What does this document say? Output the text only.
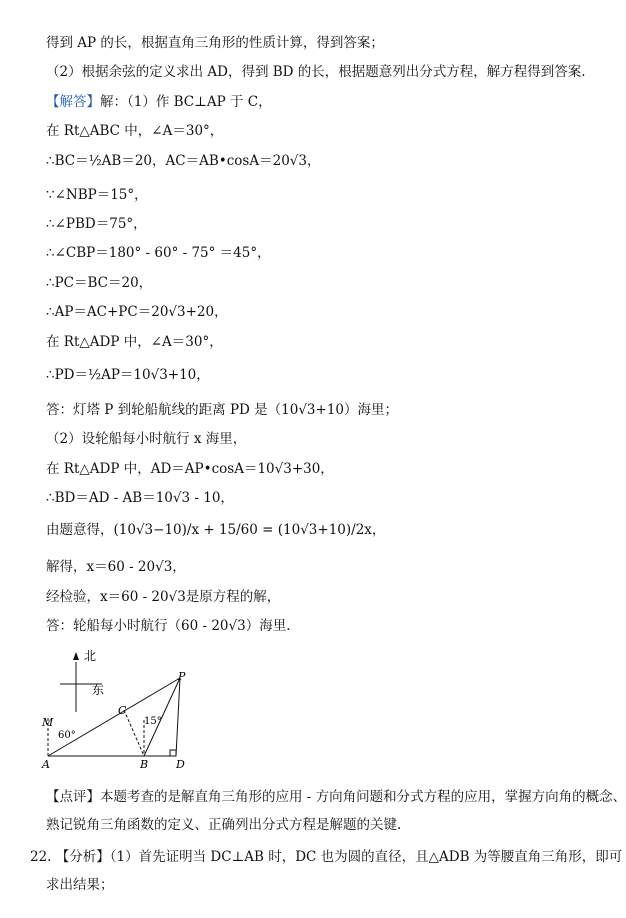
得到 AP 的长，根据直角三角形的性质计算，得到答案；
（2）根据余弦的定义求出 AD，得到 BD 的长，根据题意列出分式方程，解方程得到答案.
【解答】解：（1）作 BC⊥AP 于 C，
在 Rt△ABC 中，∠A＝30°，
∴BC＝½AB＝20，AC＝AB•cosA＝20√3，
∵∠NBP＝15°，
∴∠PBD＝75°，
∴∠CBP＝180° - 60° - 75° ＝45°，
∴PC＝BC＝20，
∴AP＝AC+PC＝20√3+20，
在 Rt△ADP 中，∠A＝30°，
∴PD＝½AP＝10√3+10，
答：灯塔 P 到轮船航线的距离 PD 是（10√3+10）海里；
（2）设轮船每小时航行 x 海里，
在 Rt△ADP 中，AD＝AP•cosA＝10√3+30，
∴BD＝AD - AB＝10√3 - 10，
由题意得，(10√3−10)/x + 15/60 = (10√3+10)/2x，
解得，x＝60 - 20√3，
经检验，x＝60 - 20√3是原方程的解，
答：轮船每小时航行（60 - 20√3）海里.
北
东
P
C
M
A	B	D
60°
15°
【点评】本题考查的是解直角三角形的应用 - 方向角问题和分式方程的应用，掌握方向角的概念、
熟记锐角三角函数的定义、正确列出分式方程是解题的关键.
22. 【分析】（1）首先证明当 DC⊥AB 时，DC 也为圆的直径，且△ADB 为等腰直角三角形，即可
求出结果；
